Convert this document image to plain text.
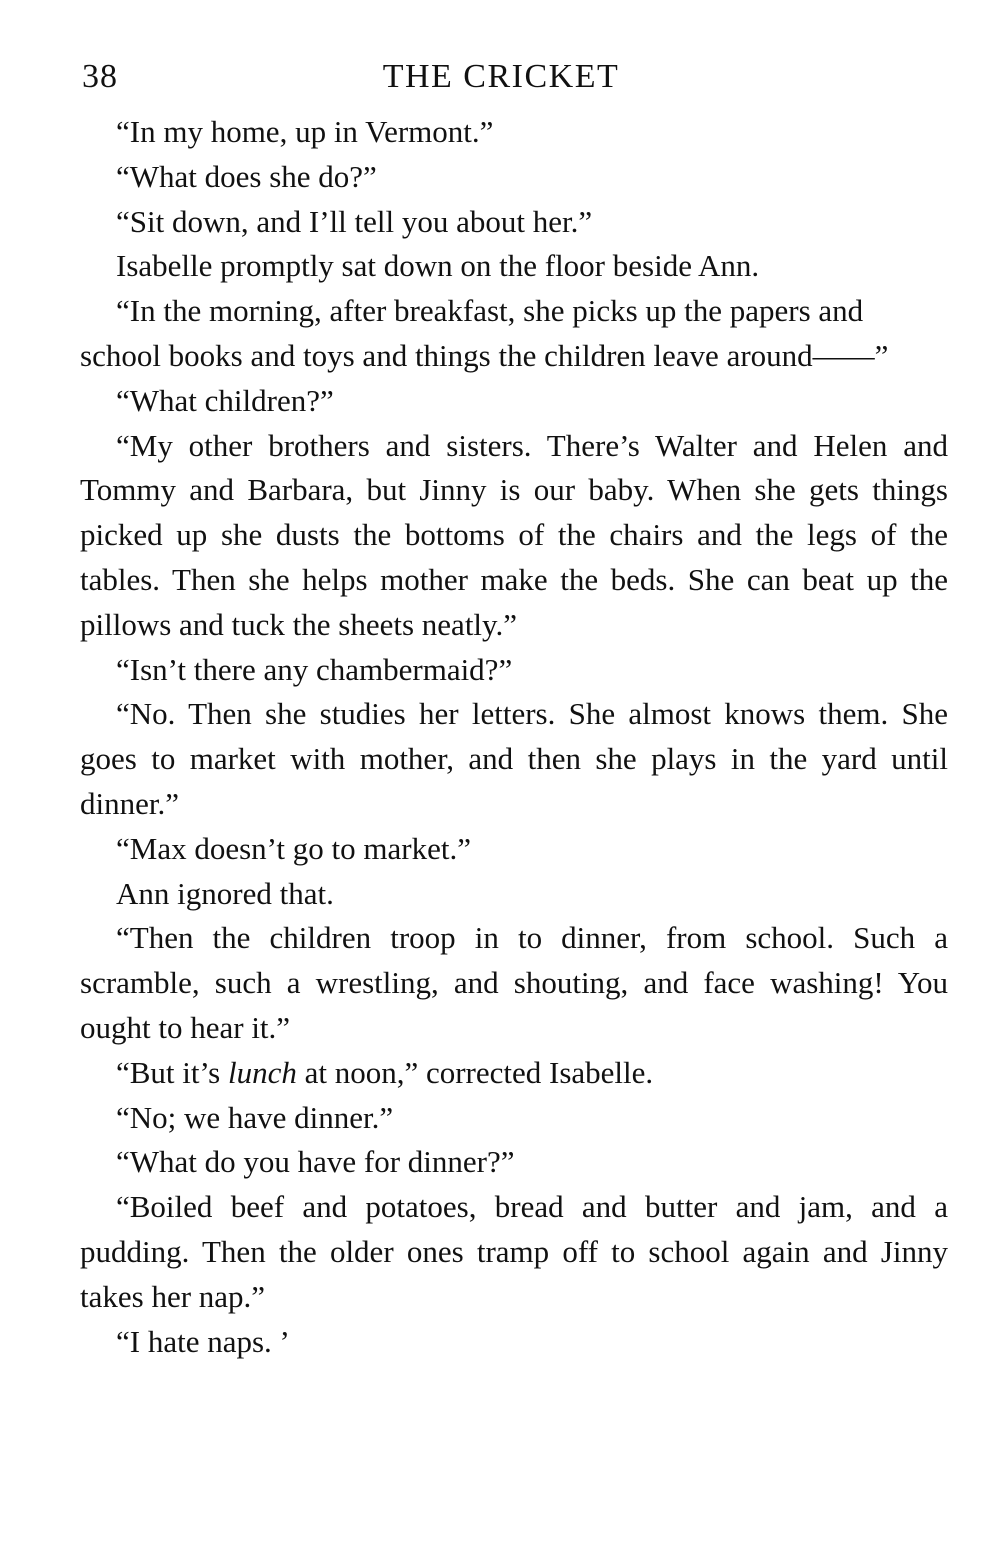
38	THE CRICKET

“In my home, up in Vermont.”

“What does she do?”

“Sit down, and I’ll tell you about her.”

Isabelle promptly sat down on the floor beside Ann.

“In the morning, after breakfast, she picks up the papers and school books and toys and things the children leave around——”

“What children?”

“My other brothers and sisters. There’s Walter and Helen and Tommy and Barbara, but Jinny is our baby. When she gets things picked up she dusts the bottoms of the chairs and the legs of the tables. Then she helps mother make the beds. She can beat up the pillows and tuck the sheets neatly.”

“Isn’t there any chambermaid?”

“No. Then she studies her letters. She almost knows them. She goes to market with mother, and then she plays in the yard until dinner.”

“Max doesn’t go to market.”

Ann ignored that.

“Then the children troop in to dinner, from school. Such a scramble, such a wrestling, and shouting, and face washing! You ought to hear it.”

“But it’s lunch at noon,” corrected Isabelle.

“No; we have dinner.”

“What do you have for dinner?”

“Boiled beef and potatoes, bread and butter and jam, and a pudding. Then the older ones tramp off to school again and Jinny takes her nap.”

“I hate naps. ’
